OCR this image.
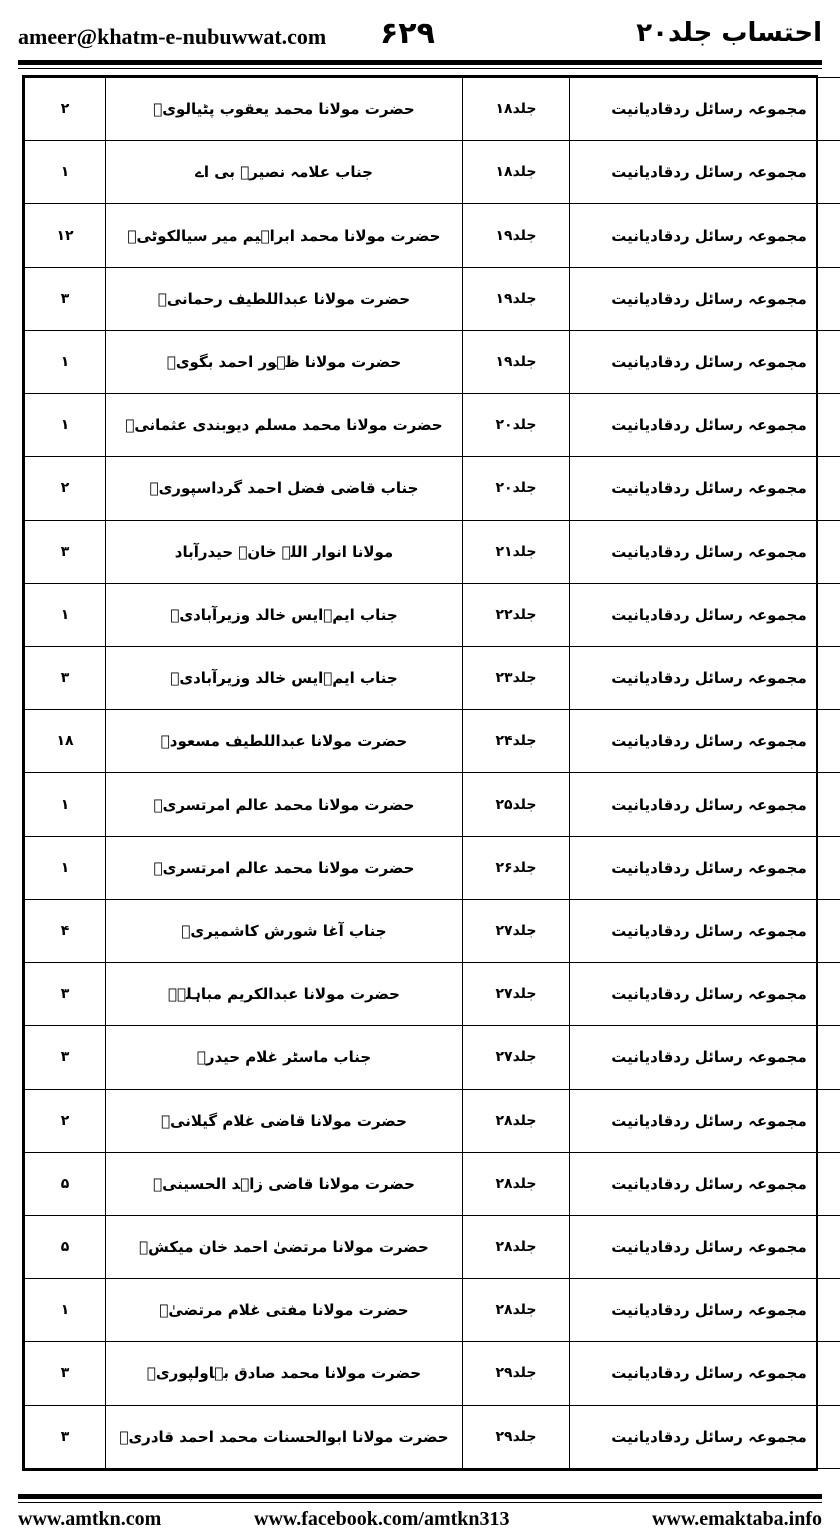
ameer@khatm-e-nubuwwat.com ۶۲۹	احتساب جلد۲۰
۲	حضرت مولانا محمد یعقوب پٹیالویؒ	جلد۱۸	مجموعہ رسائل ردقادیانیت
۱	جناب علامہ نصیرؒ بی اے	جلد۱۸	مجموعہ رسائل ردقادیانیت
۱۲	حضرت مولانا محمد ابراہیم میر سیالکوٹیؒ	جلد۱۹	مجموعہ رسائل ردقادیانیت
۳	حضرت مولانا عبداللطیف رحمانیؒ	جلد۱۹	مجموعہ رسائل ردقادیانیت
۱	حضرت مولانا ظہور احمد بگویؒ	جلد۱۹	مجموعہ رسائل ردقادیانیت
۱	حضرت مولانا محمد مسلم دیوبندی عثمانیؒ	جلد۲۰	مجموعہ رسائل ردقادیانیت
۲	جناب قاضی فضل احمد گرداسپوریؒ	جلد۲۰	مجموعہ رسائل ردقادیانیت
۳	مولانا انوار اللہ خانؒ حیدرآباد	جلد۲۱	مجموعہ رسائل ردقادیانیت
۱	جناب ایم۔ایس خالد وزیرآبادیؒ	جلد۲۲	مجموعہ رسائل ردقادیانیت
۳	جناب ایم۔ایس خالد وزیرآبادیؒ	جلد۲۳	مجموعہ رسائل ردقادیانیت
۱۸	حضرت مولانا عبداللطیف مسعودؒ	جلد۲۴	مجموعہ رسائل ردقادیانیت
۱	حضرت مولانا محمد عالم امرتسریؒ	جلد۲۵	مجموعہ رسائل ردقادیانیت
۱	حضرت مولانا محمد عالم امرتسریؒ	جلد۲۶	مجموعہ رسائل ردقادیانیت
۴	جناب آغا شورش کاشمیریؒ	جلد۲۷	مجموعہ رسائل ردقادیانیت
۳	حضرت مولانا عبدالکریم مباہلہؒ	جلد۲۷	مجموعہ رسائل ردقادیانیت
۳	جناب ماسٹر غلام حیدرؒ	جلد۲۷	مجموعہ رسائل ردقادیانیت
۲	حضرت مولانا قاضی غلام گیلانیؒ	جلد۲۸	مجموعہ رسائل ردقادیانیت
۵	حضرت مولانا قاضی زاہد الحسینیؒ	جلد۲۸	مجموعہ رسائل ردقادیانیت
۵	حضرت مولانا مرتضیٰ احمد خان میکشؒ	جلد۲۸	مجموعہ رسائل ردقادیانیت
۱	حضرت مولانا مفتی غلام مرتضیٰؒ	جلد۲۸	مجموعہ رسائل ردقادیانیت
۳	حضرت مولانا محمد صادق بہاولپوریؒ	جلد۲۹	مجموعہ رسائل ردقادیانیت
۳	حضرت مولانا ابوالحسنات محمد احمد قادریؒ	جلد۲۹	مجموعہ رسائل ردقادیانیت
www.amtkn.com	www.facebook.com/amtkn313	www.emaktaba.info
